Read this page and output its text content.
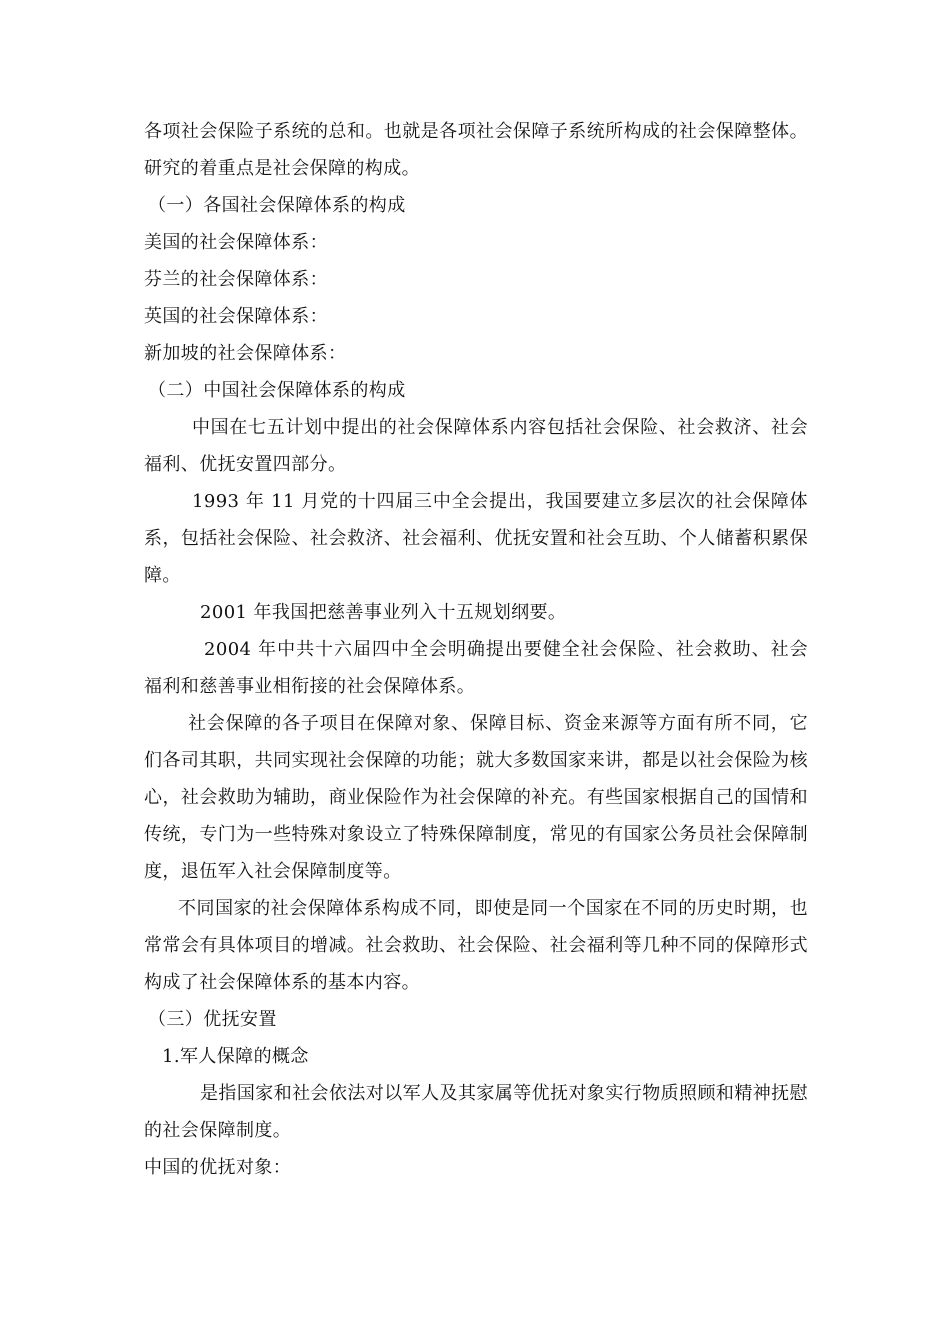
各项社会保险子系统的总和。也就是各项社会保障子系统所构成的社会保障整体。研究的着重点是社会保障的构成。

（一）各国社会保障体系的构成
美国的社会保障体系：
芬兰的社会保障体系：
英国的社会保障体系：
新加坡的社会保障体系：
（二）中国社会保障体系的构成

中国在七五计划中提出的社会保障体系内容包括社会保险、社会救济、社会福利、优抚安置四部分。

1993 年 11 月党的十四届三中全会提出，我国要建立多层次的社会保障体系，包括社会保险、社会救济、社会福利、优抚安置和社会互助、个人储蓄积累保障。

2001 年我国把慈善事业列入十五规划纲要。

2004 年中共十六届四中全会明确提出要健全社会保险、社会救助、社会福利和慈善事业相衔接的社会保障体系。

社会保障的各子项目在保障对象、保障目标、资金来源等方面有所不同，它们各司其职，共同实现社会保障的功能；就大多数国家来讲，都是以社会保险为核心，社会救助为辅助，商业保险作为社会保障的补充。有些国家根据自己的国情和传统，专门为一些特殊对象设立了特殊保障制度，常见的有国家公务员社会保障制度，退伍军入社会保障制度等。

不同国家的社会保障体系构成不同，即使是同一个国家在不同的历史时期，也常常会有具体项目的增减。社会救助、社会保险、社会福利等几种不同的保障形式构成了社会保障体系的基本内容。

（三）优抚安置
1.军人保障的概念

是指国家和社会依法对以军人及其家属等优抚对象实行物质照顾和精神抚慰的社会保障制度。

中国的优抚对象：
